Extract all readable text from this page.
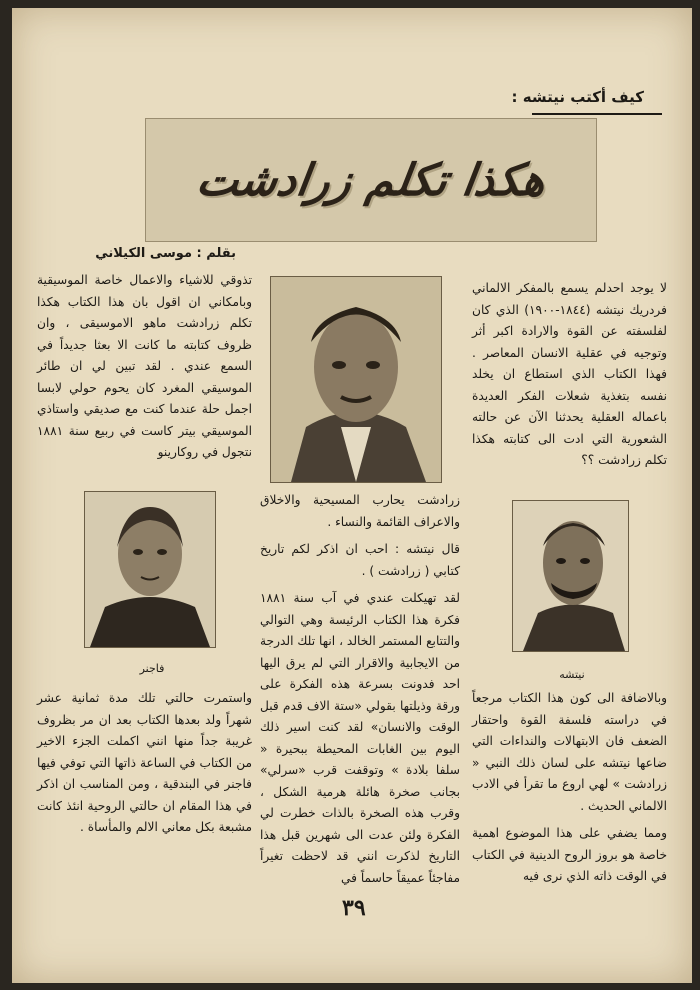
كيف أكتب نيتشه :
هكذا تكلم زرادشت
بقلم : موسى الكيلاني

لا يوجد احدلم يسمع بالمفكر الالماني فردريك نيتشه (١٨٤٤-١٩٠٠) الذي كان لفلسفته عن القوة والارادة اكبر أثر وتوجيه في عقلية الانسان المعاصر . فهذا الكتاب الذي استطاع ان يخلد نفسه بتغذية شعلات الفكر العديدة باعماله العقلية يحدثنا الآن عن حالته الشعورية التي ادت الى كتابته هكذا تكلم زرادشت ؟؟

تذوقي للاشياء والاعمال خاصة الموسيقية وبامكاني ان اقول بان هذا الكتاب هكذا تكلم زرادشت ماهو الاموسيقى ، وان ظروف كتابته ما كانت الا بعثا جديداً في السمع عندي . لقد تبين لي ان طائر الموسيقي المغرد كان يحوم حولي لابسا اجمل حلة عندما كنت مع صديقي واستاذي الموسيقي بيتر كاست في ربيع سنة ١٨٨١ نتجول في روكارينو

زرادشت يحارب المسيحية والاخلاق والاعراف القائمة والنساء .

قال نيتشه : احب ان اذكر لكم تاريخ كتابي ( زرادشت ) .

لقد تهيكلت عندي في آب سنة ١٨٨١ فكرة هذا الكتاب الرئيسة وهي التوالي والتتابع المستمر الخالد ، انها تلك الدرجة من الايجابية والاقرار التي لم يرق اليها احد فدونت بسرعة هذه الفكرة على ورقة وذيلتها بقولي «ستة الاف قدم قبل الوقت والانسان» لقد كنت اسير ذلك اليوم بين الغابات المحيطة ببحيرة « سلفا بلادة » وتوقفت قرب «سرلي» بجانب صخرة هائلة هرمية الشكل ، وقرب هذه الصخرة بالذات خطرت لي الفكرة ولئن عدت الى شهرين قبل هذا التاريخ لذكرت انني قد لاحظت تغيراً مفاجئاً عميقاً حاسماً في

فاجنر	نيتشه

وبالاضافة الى كون هذا الكتاب مرجعاً في دراسته فلسفة القوة واحتقار الضعف فان الابتهالات والنداءات التي ضاعها نيتشه على لسان ذلك النبي « زرادشت » لهي اروع ما تقرأ في الادب الالماني الحديث .

ومما يضفي على هذا الموضوع اهمية خاصة هو بروز الروح الدينية في الكتاب في الوقت ذاته الذي نرى فيه

واستمرت حالتي تلك مدة ثمانية عشر شهراً ولد بعدها الكتاب بعد ان مر بظروف غريبة جداً منها انني اكملت الجزء الاخير من الكتاب في الساعة ذاتها التي توفي فيها فاجنر في البندقية ، ومن المناسب ان اذكر في هذا المقام ان حالتي الروحية انئذ كانت مشبعة بكل معاني الالم والمأساة .

٣٩
